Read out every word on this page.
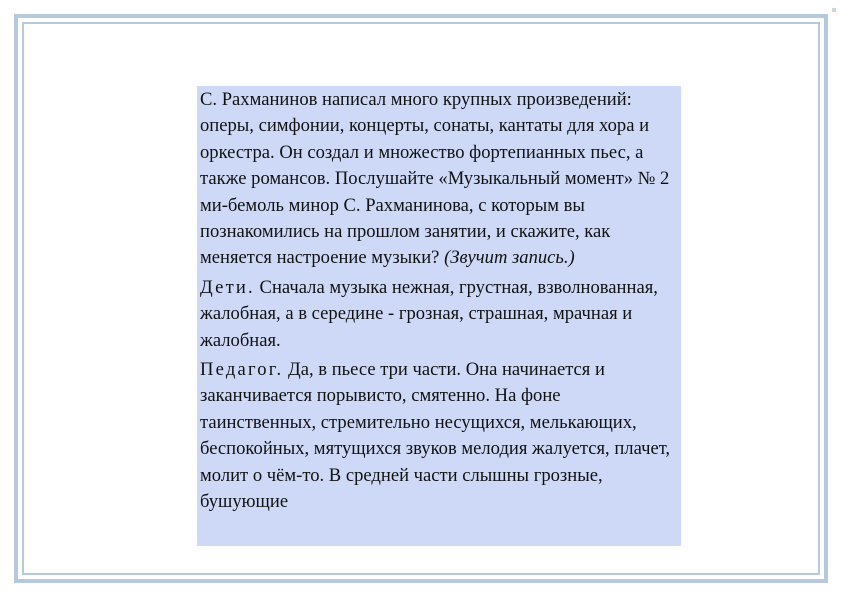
С. Рахманинов написал много крупных произведений: оперы, симфонии, концерты, сонаты, кантаты для хора и оркестра. Он создал и множество фортепианных пьес, а также романсов. Послушайте «Музыкальный момент» № 2 ми-бемоль минор С. Рахманинова, с которым вы познакомились на прошлом занятии, и скажите, как меняется настроение музыки? (Звучит запись.)

Дети. Сначала музыка нежная, грустная, взволнованная, жалобная, а в середине - грозная, страшная, мрачная и жалобная.

Педагог. Да, в пьесе три части. Она начинается и заканчивается порывисто, смятенно. На фоне таинственных, стремительно несущихся, мелькающих, беспокойных, мятущихся звуков мелодия жалуется, плачет, молит о чём-то. В средней части слышны грозные, бушующие
